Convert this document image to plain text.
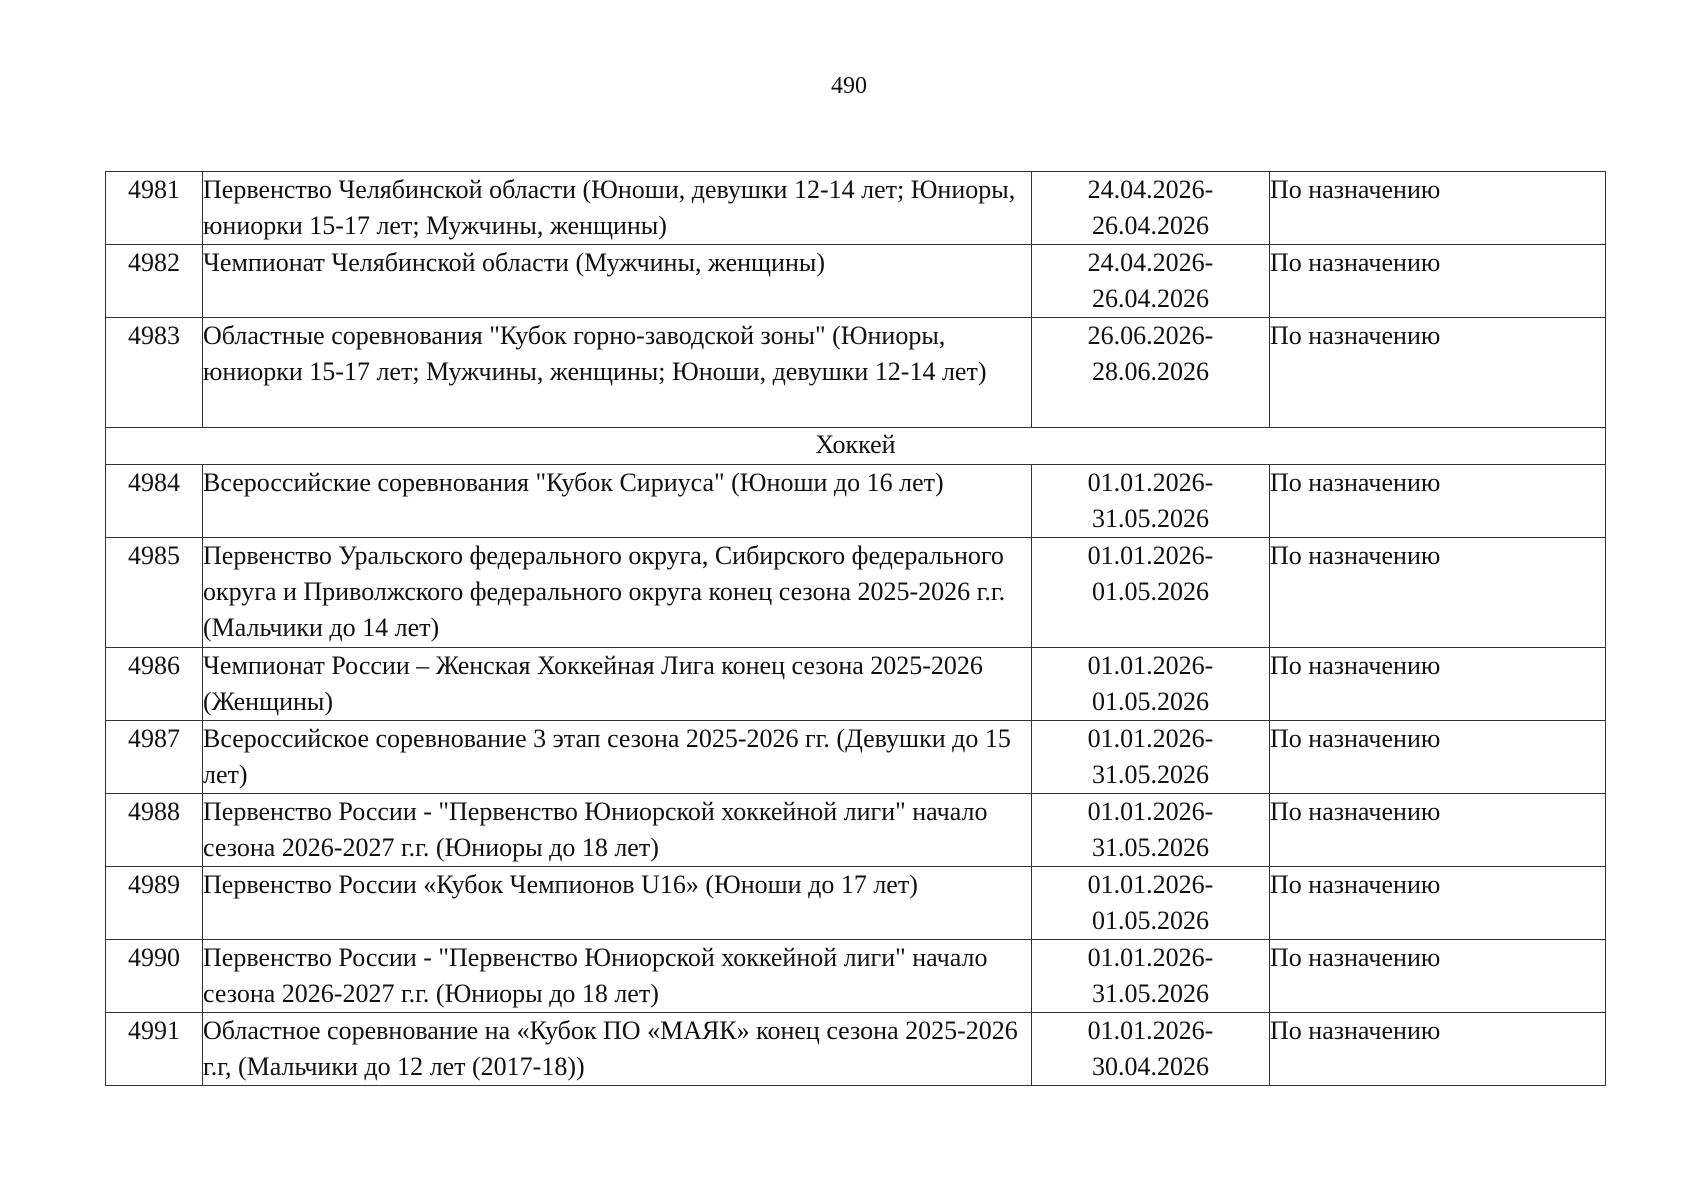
490
4981	Первенство Челябинской области (Юноши, девушки 12-14 лет; Юниоры, юниорки 15-17 лет; Мужчины, женщины)	24.04.2026-
26.04.2026	По назначению
4982	Чемпионат Челябинской области (Мужчины, женщины)	24.04.2026-
26.04.2026	По назначению
4983	Областные соревнования "Кубок горно-заводской зоны" (Юниоры, юниорки 15-17 лет; Мужчины, женщины; Юноши, девушки 12-14 лет)	26.06.2026-
28.06.2026	По назначению
Хоккей			
4984	Всероссийские соревнования "Кубок Сириуса" (Юноши до 16 лет)	01.01.2026-
31.05.2026	По назначению
4985	Первенство Уральского федерального округа, Сибирского федерального округа и Приволжского федерального округа конец сезона 2025-2026 г.г. (Мальчики до 14 лет)	01.01.2026-
01.05.2026	По назначению
4986	Чемпионат России – Женская Хоккейная Лига конец сезона 2025-2026 (Женщины)	01.01.2026-
01.05.2026	По назначению
4987	Всероссийское соревнование 3 этап сезона 2025-2026 гг. (Девушки до 15 лет)	01.01.2026-
31.05.2026	По назначению
4988	Первенство России - "Первенство Юниорской хоккейной лиги" начало сезона 2026-2027 г.г. (Юниоры до 18 лет)	01.01.2026-
31.05.2026	По назначению
4989	Первенство России «Кубок Чемпионов U16» (Юноши до 17 лет)	01.01.2026-
01.05.2026	По назначению
4990	Первенство России - "Первенство Юниорской хоккейной лиги" начало сезона 2026-2027 г.г. (Юниоры до 18 лет)	01.01.2026-
31.05.2026	По назначению
4991	Областное соревнование на «Кубок ПО «МАЯК» конец сезона 2025-2026 г.г, (Мальчики до 12 лет (2017-18))	01.01.2026-
30.04.2026	По назначению
